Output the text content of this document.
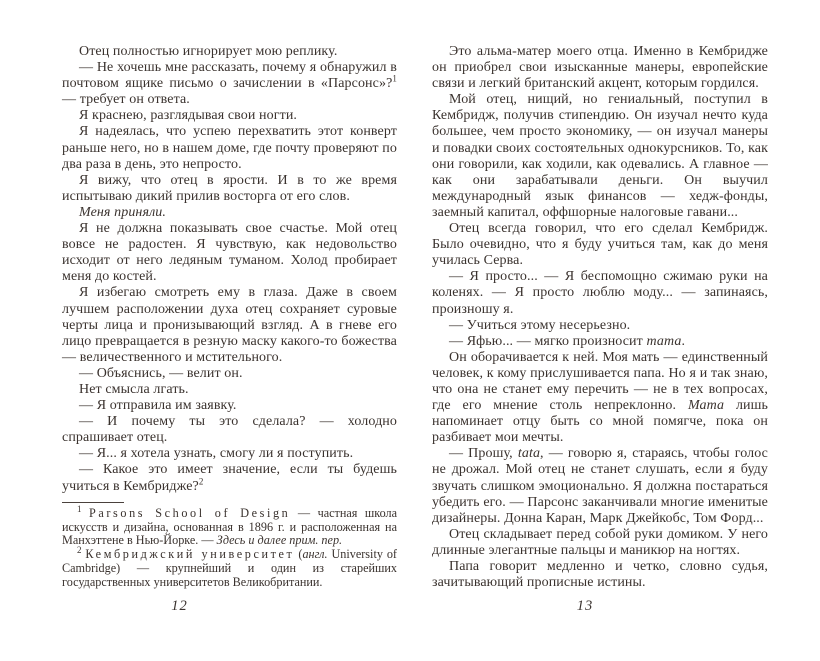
Отец полностью игнорирует мою реплику.

— Не хочешь мне рассказать, почему я обнаружил в почтовом ящике письмо о зачислении в «Парсонс»?$^1$ — требует он ответа.

Я краснею, разглядывая свои ногти.

Я надеялась, что успею перехватить этот конверт раньше него, но в нашем доме, где почту проверяют по два раза в день, это непросто.

Я вижу, что отец в ярости. И в то же время испытываю дикий прилив восторга от его слов.

Меня приняли.

Я не должна показывать свое счастье. Мой отец вовсе не радостен. Я чувствую, как недовольство исходит от него ледяным туманом. Холод пробирает меня до костей.

Я избегаю смотреть ему в глаза. Даже в своем лучшем расположении духа отец сохраняет суровые черты лица и пронизывающий взгляд. А в гневе его лицо превращается в резную маску какого-то божества — величественного и мстительного.

— Объяснись, — велит он.

Нет смысла лгать.

— Я отправила им заявку.

— И почему ты это сделала? — холодно спрашивает отец.

— Я... я хотела узнать, смогу ли я поступить.

— Какое это имеет значение, если ты будешь учиться в Кембридже?$^2$

$^1$ Parsons School of Design — частная школа искусств и дизайна, основанная в 1896 г. и расположенная на Манхэттене в Нью-Йорке. — Здесь и далее прим. пер.

$^2$ Кембриджский университет (англ. University of Cambridge) — крупнейший и один из старейших государственных университетов Великобритании.

12

Это альма-матер моего отца. Именно в Кембридже он приобрел свои изысканные манеры, европейские связи и легкий британский акцент, которым гордился.

Мой отец, нищий, но гениальный, поступил в Кембридж, получив стипендию. Он изучал нечто куда большее, чем просто экономику, — он изучал манеры и повадки своих состоятельных однокурсников. То, как они говорили, как ходили, как одевались. А главное — как они зарабатывали деньги. Он выучил международный язык финансов — хедж-фонды, заемный капитал, оффшорные налоговые гавани...

Отец всегда говорил, что его сделал Кембридж. Было очевидно, что я буду учиться там, как до меня училась Серва.

— Я просто... — Я беспомощно сжимаю руки на коленях. — Я просто люблю моду... — запинаясь, произношу я.

— Учиться этому несерьезно.

— Яфью... — мягко произносит тата.

Он оборачивается к ней. Моя мать — единственный человек, к кому прислушивается папа. Но я и так знаю, что она не станет ему перечить — не в тех вопросах, где его мнение столь непреклонно. Мата лишь напоминает отцу быть со мной помягче, пока он разбивает мои мечты.

— Прошу, tata, — говорю я, стараясь, чтобы голос не дрожал. Мой отец не станет слушать, если я буду звучать слишком эмоционально. Я должна постараться убедить его. — Парсонс заканчивали многие именитые дизайнеры. Донна Каран, Марк Джейкобс, Том Форд...

Отец складывает перед собой руки домиком. У него длинные элегантные пальцы и маникюр на ногтях.

Папа говорит медленно и четко, словно судья, зачитывающий прописные истины.

13
